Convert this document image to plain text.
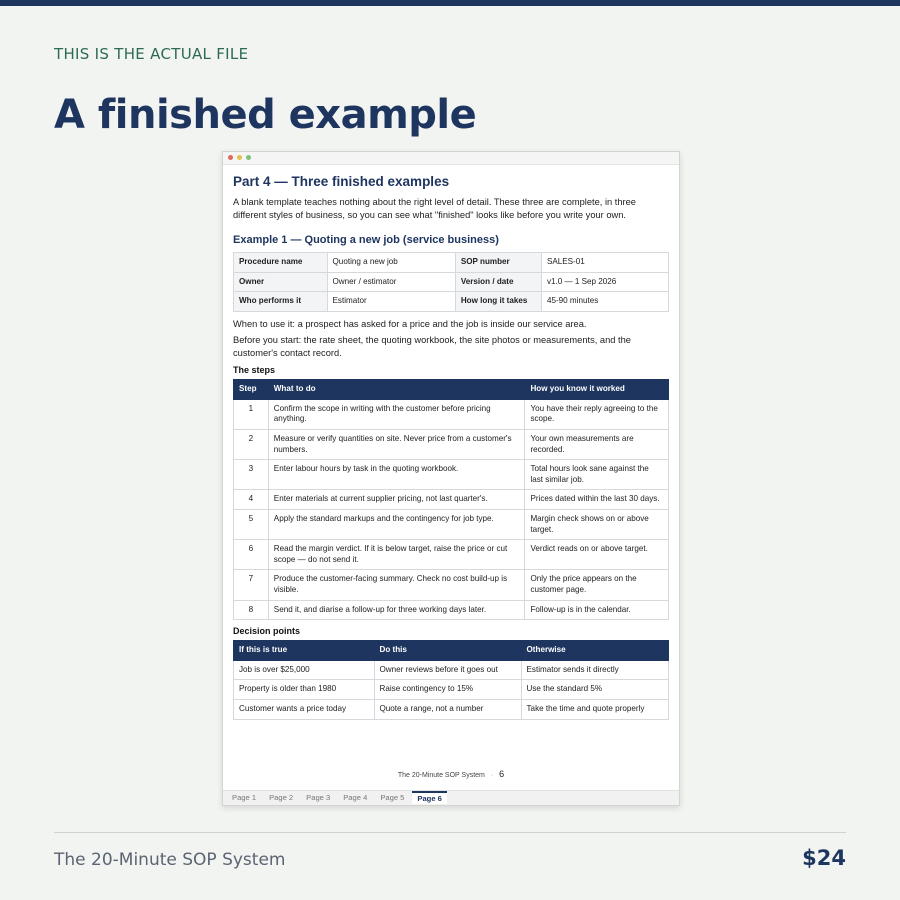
THIS IS THE ACTUAL FILE
A finished example
Part 4 — Three finished examples

A blank template teaches nothing about the right level of detail. These three are complete, in three different styles of business, so you can see what "finished" looks like before you write your own.

Example 1 — Quoting a new job (service business)
Procedure name	Quoting a new job	SOP number	SALES-01
Owner	Owner / estimator	Version / date	v1.0 — 1 Sep 2026
Who performs it	Estimator	How long it takes	45-90 minutes

When to use it: a prospect has asked for a price and the job is inside our service area.

Before you start: the rate sheet, the quoting workbook, the site photos or measurements, and the customer's contact record.

The steps
Step	What to do	How you know it worked
1	Confirm the scope in writing with the customer before pricing anything.	You have their reply agreeing to the scope.
2	Measure or verify quantities on site. Never price from a customer's numbers.	Your own measurements are recorded.
3	Enter labour hours by task in the quoting workbook.	Total hours look sane against the last similar job.
4	Enter materials at current supplier pricing, not last quarter's.	Prices dated within the last 30 days.
5	Apply the standard markups and the contingency for job type.	Margin check shows on or above target.
6	Read the margin verdict. If it is below target, raise the price or cut scope — do not send it.	Verdict reads on or above target.
7	Produce the customer-facing summary. Check no cost build-up is visible.	Only the price appears on the customer page.
8	Send it, and diarise a follow-up for three working days later.	Follow-up is in the calendar.
Decision points
If this is true	Do this	Otherwise
Job is over $25,000	Owner reviews before it goes out	Estimator sends it directly
Property is older than 1980	Raise contingency to 15%	Use the standard 5%
Customer wants a price today	Quote a range, not a number	Take the time and quote properly
The 20-Minute SOP System · 6
Page 1	Page 2	Page 3	Page 4	Page 5	Page 6
The 20-Minute SOP System	$24
